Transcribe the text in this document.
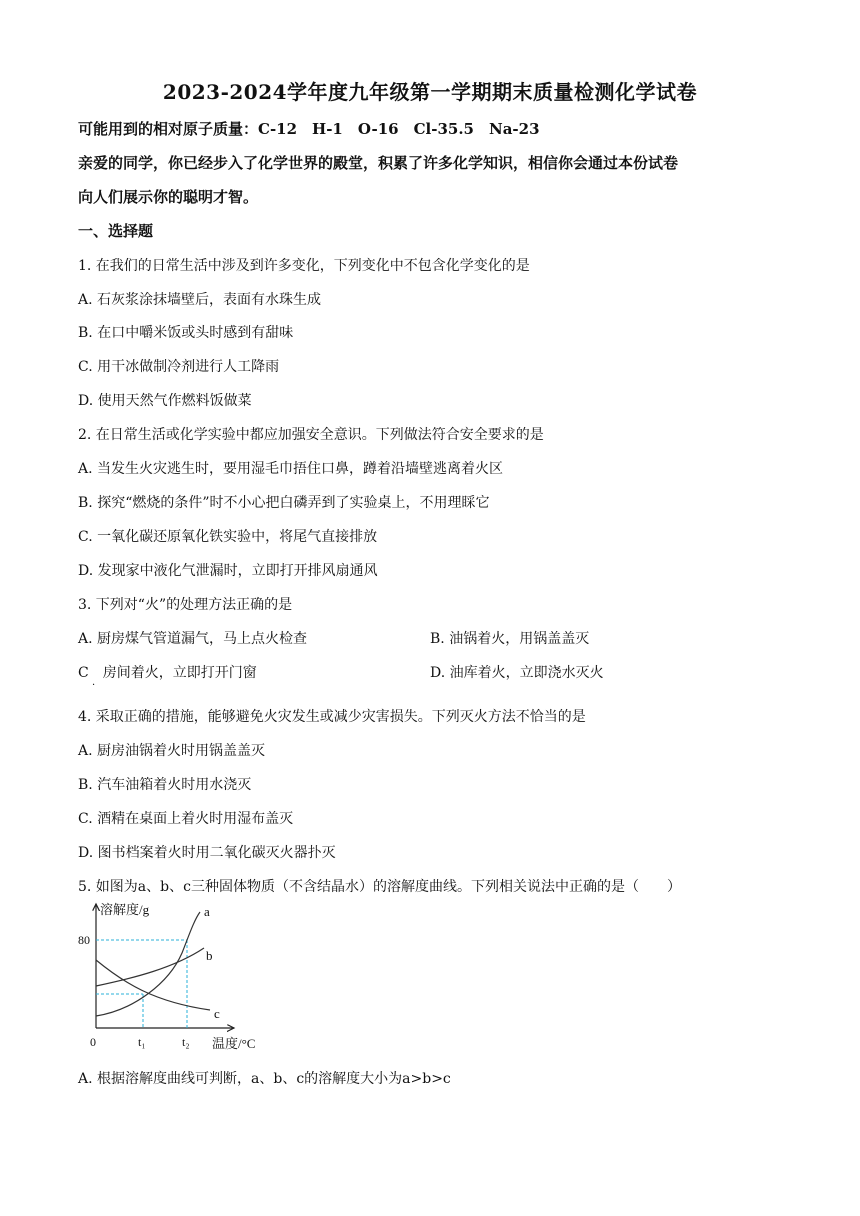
2023-2024学年度九年级第一学期期末质量检测化学试卷
可能用到的相对原子质量：C-12　H-1　O-16　Cl-35.5　Na-23
亲爱的同学，你已经步入了化学世界的殿堂，积累了许多化学知识，相信你会通过本份试卷
向人们展示你的聪明才智。
一、选择题
1. 在我们的日常生活中涉及到许多变化，下列变化中不包含化学变化的是
A. 石灰浆涂抹墙壁后，表面有水珠生成
B. 在口中嚼米饭或头时感到有甜味
C. 用干冰做制冷剂进行人工降雨
D. 使用天然气作燃料饭做菜
2. 在日常生活或化学实验中都应加强安全意识。下列做法符合安全要求的是
A. 当发生火灾逃生时，要用湿毛巾捂住口鼻，蹲着沿墙壁逃离着火区
B. 探究“燃烧的条件”时不小心把白磷弄到了实验桌上，不用理睬它
C. 一氧化碳还原氧化铁实验中，将尾气直接排放
D. 发现家中液化气泄漏时，立即打开排风扇通风
3. 下列对“火”的处理方法正确的是
A. 厨房煤气管道漏气，马上点火检查	B. 油锅着火，用锅盖盖灭
C　房间着火，立即打开门窗	D. 油库着火，立即浇水灭火
·
4. 采取正确的措施，能够避免火灾发生或减少灾害损失。下列灭火方法不恰当的是
A. 厨房油锅着火时用锅盖盖灭
B. 汽车油箱着火时用水浇灭
C. 酒精在桌面上着火时用湿布盖灭
D. 图书档案着火时用二氧化碳灭火器扑灭
5. 如图为a、b、c三种固体物质（不含结晶水）的溶解度曲线。下列相关说法中正确的是（　　）
溶解度/g
温度/°C
80
0	t₁	t₂
a
b
c
A. 根据溶解度曲线可判断，a、b、c的溶解度大小为a>b>c
